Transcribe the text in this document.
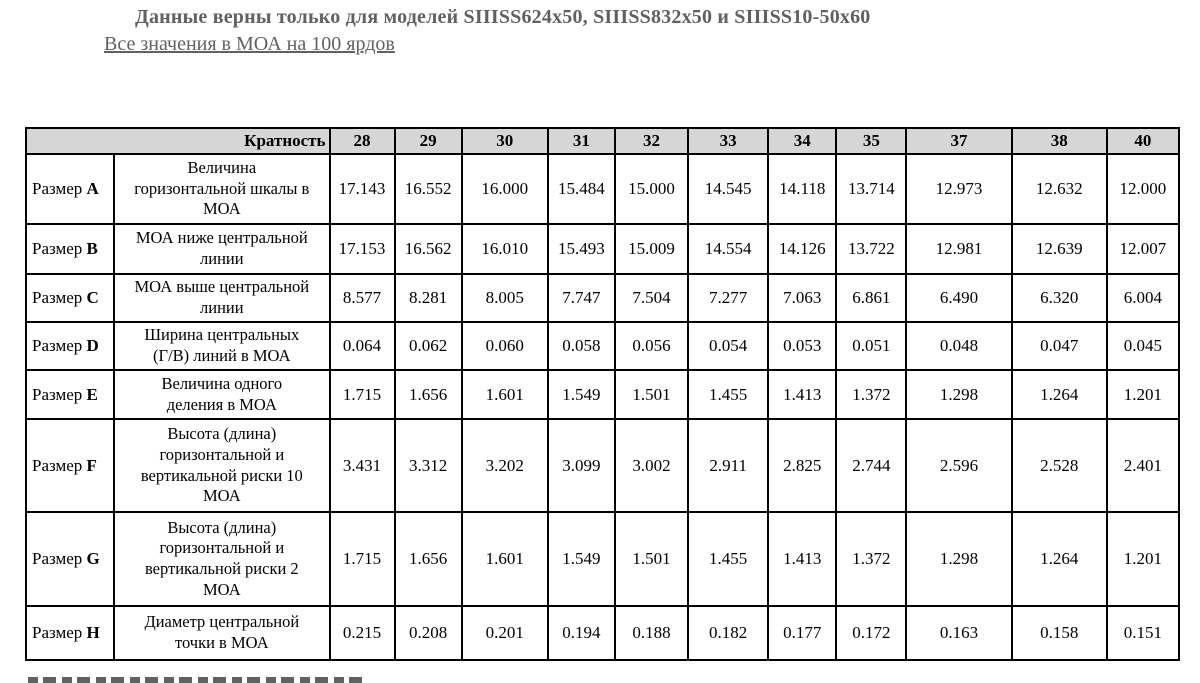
Данные верны только для моделей SIIISS624x50, SIIISS832x50 и SIIISS10-50x60
Все значения в МОА на 100 ярдов
Кратность		28	29	30	31	32	33	34	35	37	38	40
Размер A	Величина горизонтальной шкалы в МОА	17.143	16.552	16.000	15.484	15.000	14.545	14.118	13.714	12.973	12.632	12.000
Размер B	МОА ниже центральной линии	17.153	16.562	16.010	15.493	15.009	14.554	14.126	13.722	12.981	12.639	12.007
Размер C	МОА выше центральной линии	8.577	8.281	8.005	7.747	7.504	7.277	7.063	6.861	6.490	6.320	6.004
Размер D	Ширина центральных (Г/В) линий в МОА	0.064	0.062	0.060	0.058	0.056	0.054	0.053	0.051	0.048	0.047	0.045
Размер E	Величина одного деления в МОА	1.715	1.656	1.601	1.549	1.501	1.455	1.413	1.372	1.298	1.264	1.201
Размер F	Высота (длина) горизонтальной и вертикальной риски 10 МОА	3.431	3.312	3.202	3.099	3.002	2.911	2.825	2.744	2.596	2.528	2.401
Размер G	Высота (длина) горизонтальной и вертикальной риски 2 МОА	1.715	1.656	1.601	1.549	1.501	1.455	1.413	1.372	1.298	1.264	1.201
Размер H	Диаметр центральной точки в МОА	0.215	0.208	0.201	0.194	0.188	0.182	0.177	0.172	0.163	0.158	0.151
